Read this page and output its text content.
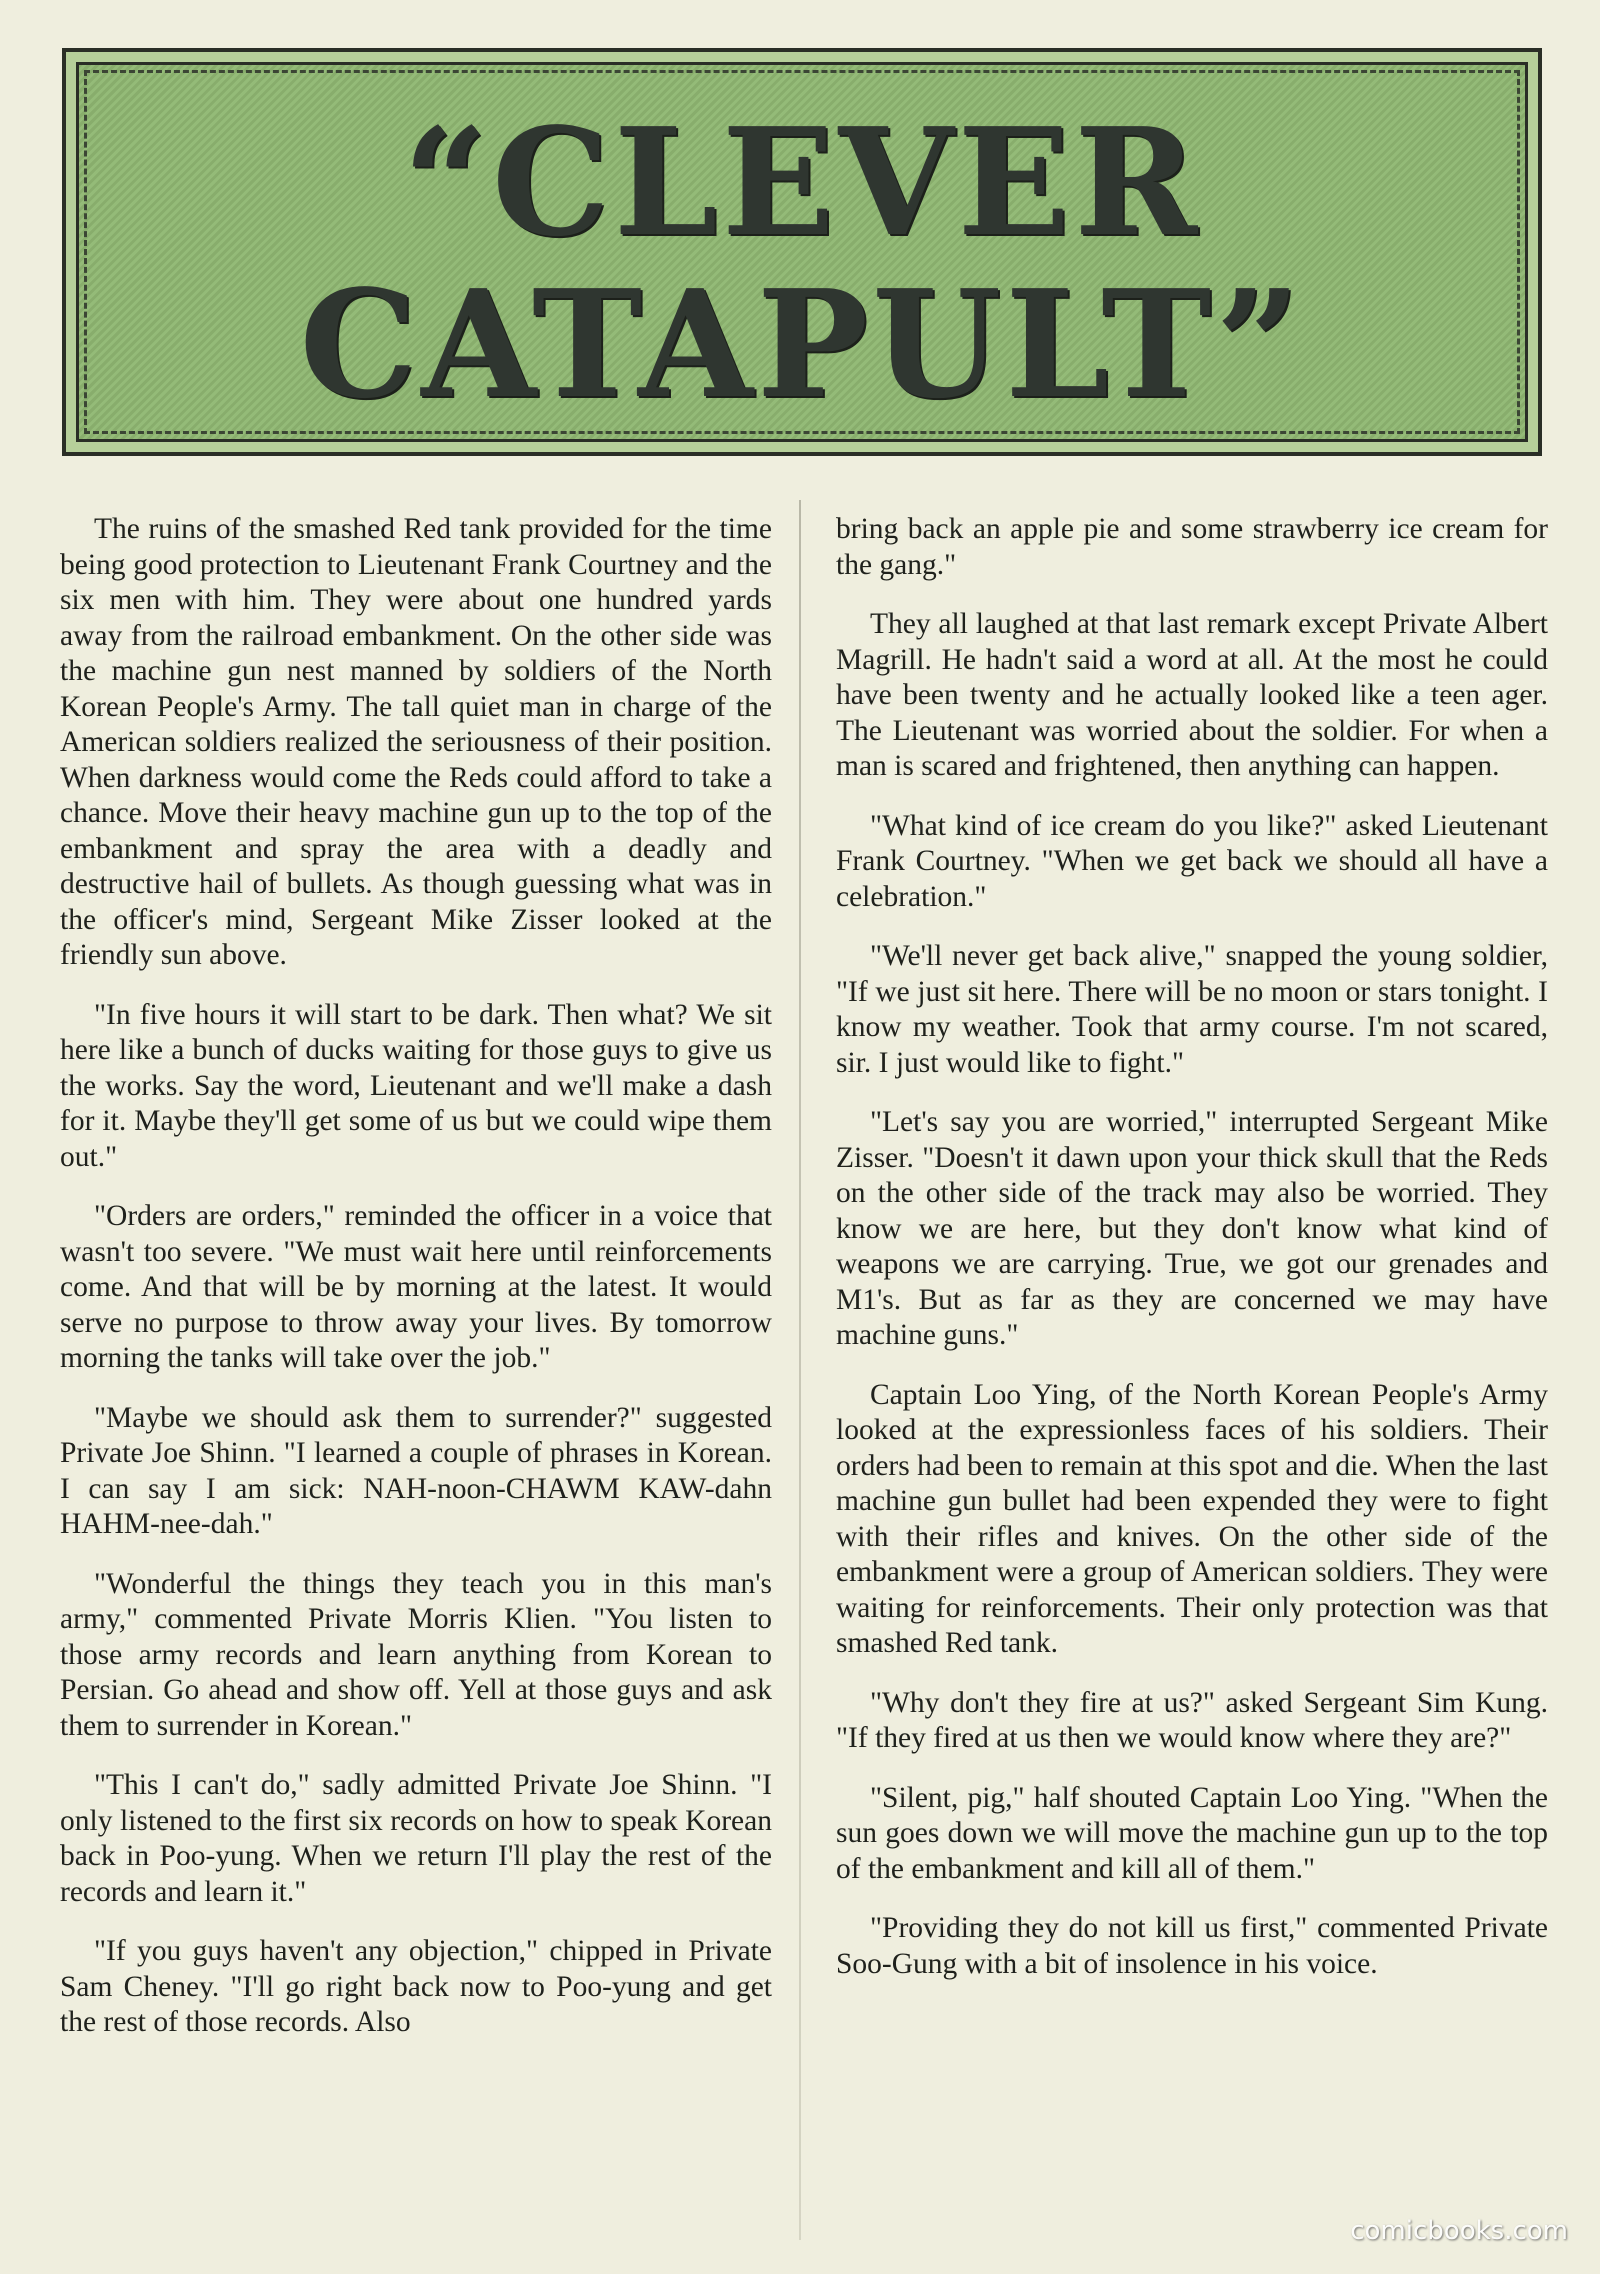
“CLEVER
CATAPULT”

The ruins of the smashed Red tank provided for the time being good protection to Lieutenant Frank Courtney and the six men with him. They were about one hundred yards away from the railroad embankment. On the other side was the machine gun nest manned by soldiers of the North Korean People's Army. The tall quiet man in charge of the American soldiers realized the seriousness of their position. When darkness would come the Reds could afford to take a chance. Move their heavy machine gun up to the top of the embankment and spray the area with a deadly and destructive hail of bullets. As though guessing what was in the officer's mind, Sergeant Mike Zisser looked at the friendly sun above.

"In five hours it will start to be dark. Then what? We sit here like a bunch of ducks waiting for those guys to give us the works. Say the word, Lieutenant and we'll make a dash for it. Maybe they'll get some of us but we could wipe them out."

"Orders are orders," reminded the officer in a voice that wasn't too severe. "We must wait here until reinforcements come. And that will be by morning at the latest. It would serve no purpose to throw away your lives. By tomorrow morning the tanks will take over the job."

"Maybe we should ask them to surrender?" suggested Private Joe Shinn. "I learned a couple of phrases in Korean. I can say I am sick: NAH-noon-CHAWM KAW-dahn HAHM-nee-dah."

"Wonderful the things they teach you in this man's army," commented Private Morris Klien. "You listen to those army records and learn anything from Korean to Persian. Go ahead and show off. Yell at those guys and ask them to surrender in Korean."

"This I can't do," sadly admitted Private Joe Shinn. "I only listened to the first six records on how to speak Korean back in Poo-yung. When we return I'll play the rest of the records and learn it."

"If you guys haven't any objection," chipped in Private Sam Cheney. "I'll go right back now to Poo-yung and get the rest of those records. Also

bring back an apple pie and some strawberry ice cream for the gang."

They all laughed at that last remark except Private Albert Magrill. He hadn't said a word at all. At the most he could have been twenty and he actually looked like a teen ager. The Lieutenant was worried about the soldier. For when a man is scared and frightened, then anything can happen.

"What kind of ice cream do you like?" asked Lieutenant Frank Courtney. "When we get back we should all have a celebration."

"We'll never get back alive," snapped the young soldier, "If we just sit here. There will be no moon or stars tonight. I know my weather. Took that army course. I'm not scared, sir. I just would like to fight."

"Let's say you are worried," interrupted Sergeant Mike Zisser. "Doesn't it dawn upon your thick skull that the Reds on the other side of the track may also be worried. They know we are here, but they don't know what kind of weapons we are carrying. True, we got our grenades and M1's. But as far as they are concerned we may have machine guns."

Captain Loo Ying, of the North Korean People's Army looked at the expressionless faces of his soldiers. Their orders had been to remain at this spot and die. When the last machine gun bullet had been expended they were to fight with their rifles and knives. On the other side of the embankment were a group of American soldiers. They were waiting for reinforcements. Their only protection was that smashed Red tank.

"Why don't they fire at us?" asked Sergeant Sim Kung. "If they fired at us then we would know where they are?"

"Silent, pig," half shouted Captain Loo Ying. "When the sun goes down we will move the machine gun up to the top of the embankment and kill all of them."

"Providing they do not kill us first," commented Private Soo-Gung with a bit of insolence in his voice.

comicbooks.com
